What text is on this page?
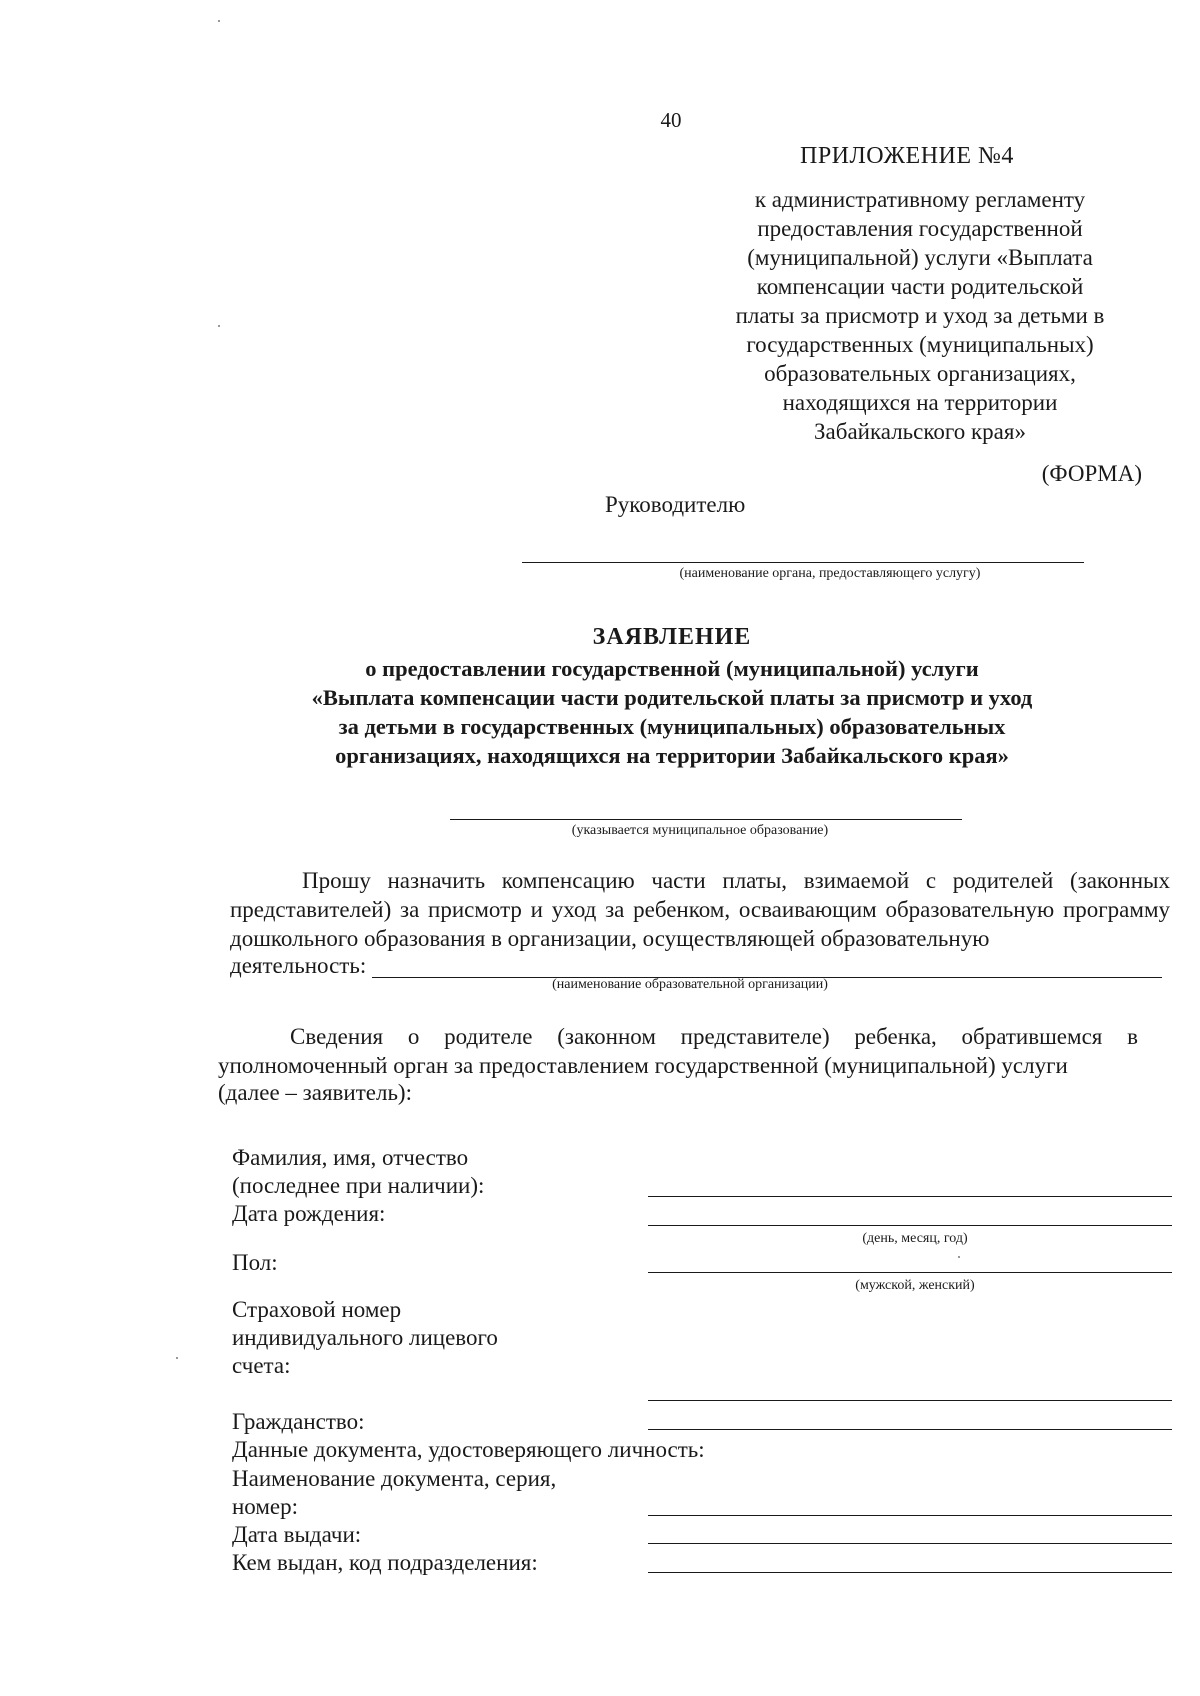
40
ПРИЛОЖЕНИЕ №4
к административному регламенту
предоставления государственной
(муниципальной) услуги «Выплата
компенсации части родительской
платы за присмотр и уход за детьми в
государственных (муниципальных)
образовательных организациях,
находящихся на территории
Забайкальского края»
(ФОРМА)
Руководителю
(наименование органа, предоставляющего услугу)
ЗАЯВЛЕНИЕ
о предоставлении государственной (муниципальной) услуги
«Выплата компенсации части родительской платы за присмотр и уход
за детьми в государственных (муниципальных) образовательных
организациях, находящихся на территории Забайкальского края»
(указывается муниципальное образование)
Прошу назначить компенсацию части платы, взимаемой с родителей (законных представителей) за присмотр и уход за ребенком, осваивающим образовательную программу дошкольного образования в организации, осуществляющей образовательную
деятельность:
(наименование образовательной организации)
Сведения о родителе (законном представителе) ребенка, обратившемся в уполномоченный орган за предоставлением государственной (муниципальной) услуги
(далее – заявитель):
Фамилия, имя, отчество
(последнее при наличии):
Дата рождения:
(день, месяц, год)
Пол:
(мужской, женский)
Страховой номер
индивидуального лицевого
счета:
Гражданство:
Данные документа, удостоверяющего личность:
Наименование документа, серия,
номер:
Дата выдачи:
Кем выдан, код подразделения:
